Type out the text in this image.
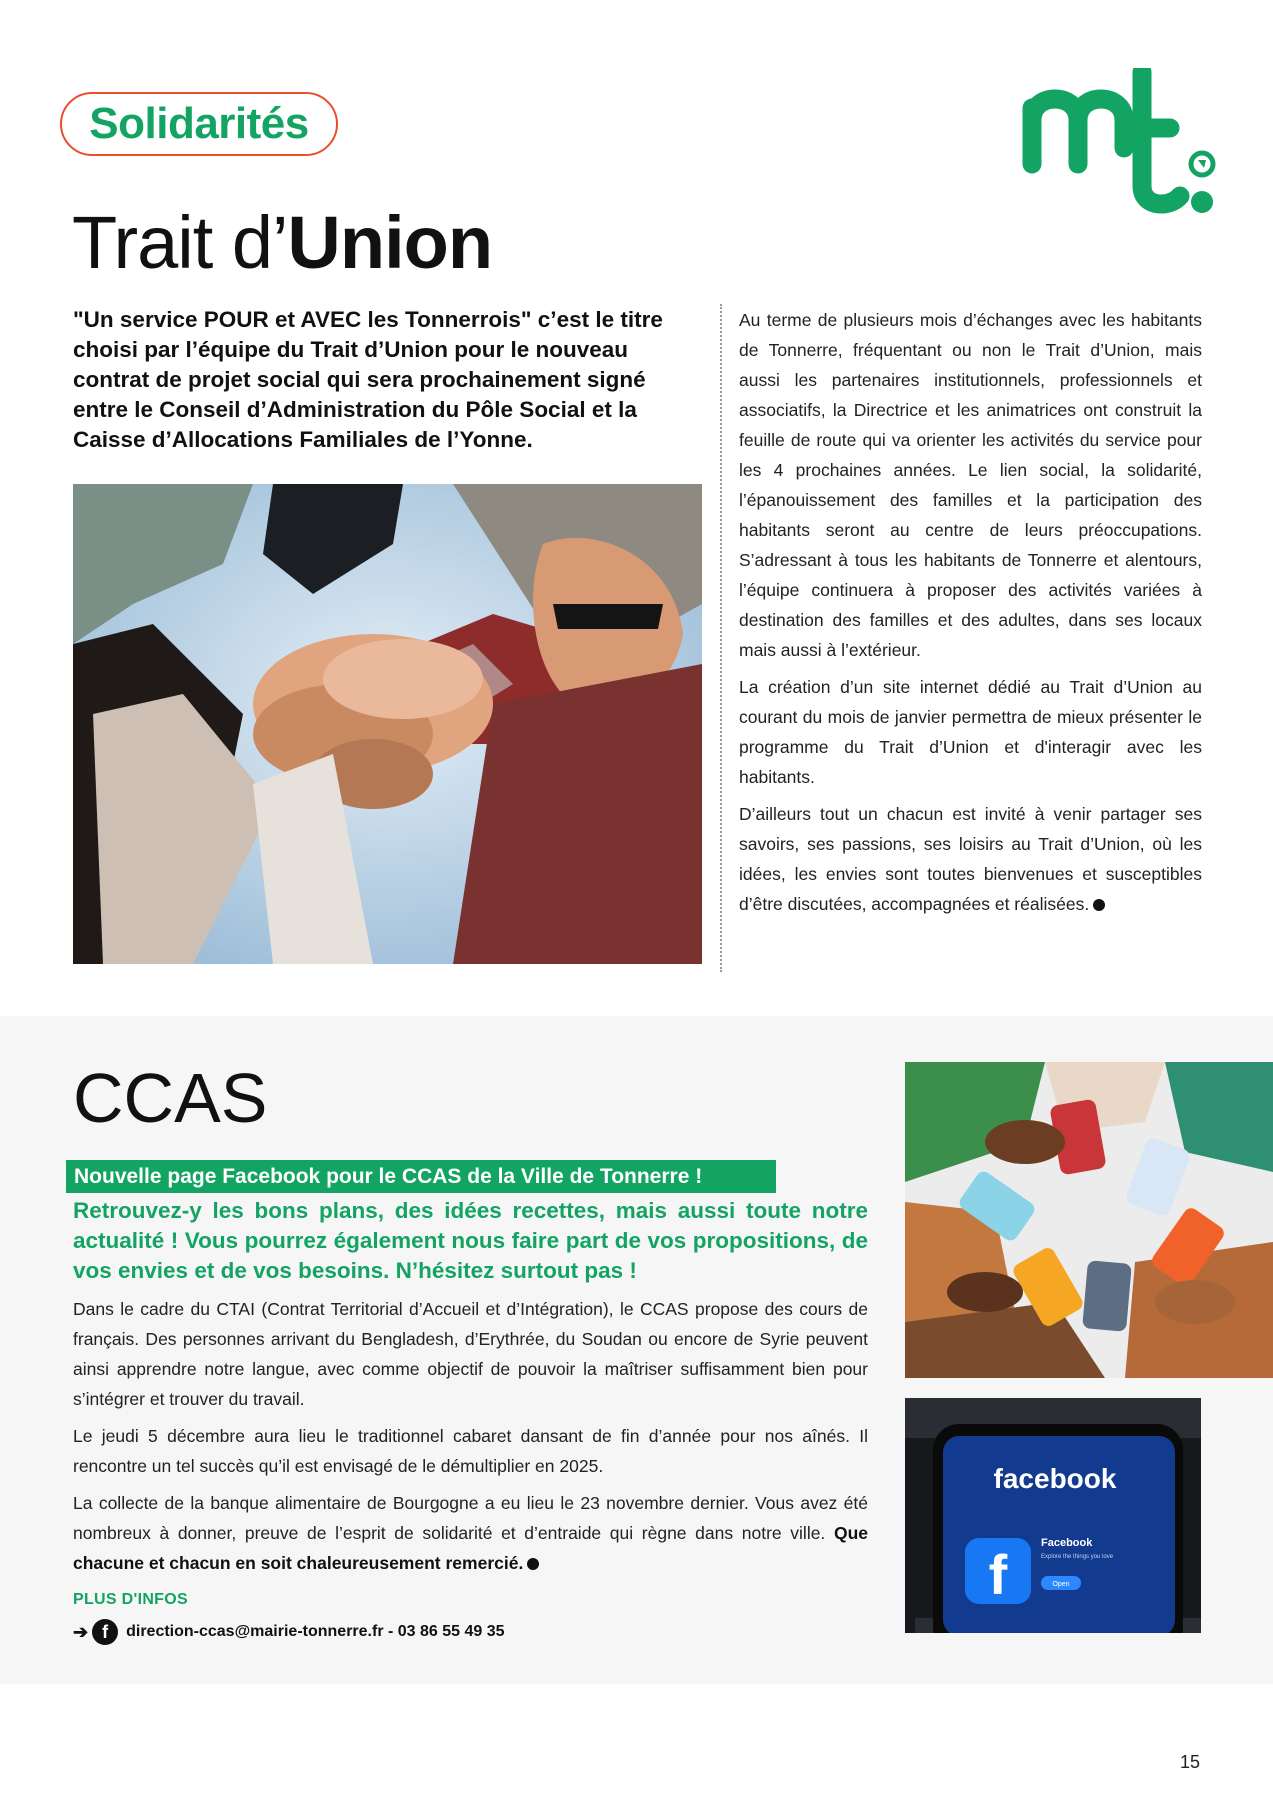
Solidarités
Trait d’Union
"Un service POUR et AVEC les Tonnerrois" c’est le titre choisi par l’équipe du Trait d’Union pour le nouveau contrat de projet social qui sera prochainement signé entre le Conseil d’Administration du Pôle Social et la Caisse d’Allocations Familiales de l’Yonne.

Au terme de plusieurs mois d’échanges avec les habitants de Tonnerre, fréquentant ou non le Trait d’Union, mais aussi les partenaires institutionnels, professionnels et associatifs, la Directrice et les animatrices ont construit la feuille de route qui va orienter les activités du service pour les 4 prochaines années. Le lien social, la solidarité, l’épanouissement des familles et la participation des habitants seront au centre de leurs préoccupations. S’adressant à tous les habitants de Tonnerre et alentours, l’équipe continuera à proposer des activités variées à destination des familles et des adultes, dans ses locaux mais aussi à l’extérieur.

La création d’un site internet dédié au Trait d’Union au courant du mois de janvier permettra de mieux présenter le programme du Trait d’Union et d'interagir avec les habitants.

D’ailleurs tout un chacun est invité à venir partager ses savoirs, ses passions, ses loisirs au Trait d’Union, où les idées, les envies sont toutes bienvenues et susceptibles d’être discutées, accompagnées et réalisées.

CCAS
Nouvelle page Facebook pour le CCAS de la Ville de Tonnerre !
Retrouvez-y les bons plans, des idées recettes, mais aussi toute notre actualité ! Vous pourrez également nous faire part de vos propositions, de vos envies et de vos besoins. N’hésitez surtout pas !

Dans le cadre du CTAI (Contrat Territorial d’Accueil et d’Intégration), le CCAS propose des cours de français. Des personnes arrivant du Bengladesh, d’Erythrée, du Soudan ou encore de Syrie peuvent ainsi apprendre notre langue, avec comme objectif de pouvoir la maîtriser suffisamment bien pour s’intégrer et trouver du travail.

Le jeudi 5 décembre aura lieu le traditionnel cabaret dansant de fin d’année pour nos aînés. Il rencontre un tel succès qu’il est envisagé de le démultiplier en 2025.

La collecte de la banque alimentaire de Bourgogne a eu lieu le 23 novembre dernier. Vous avez été nombreux à donner, preuve de l’esprit de solidarité et d’entraide qui règne dans notre ville. Que chacune et chacun en soit chaleureusement remercié.

PLUS D'INFOS
➔ f	direction-ccas@mairie-tonnerre.fr - 03 86 55 49 35
facebook
f	Facebook
Explore the things you love
Open
15
